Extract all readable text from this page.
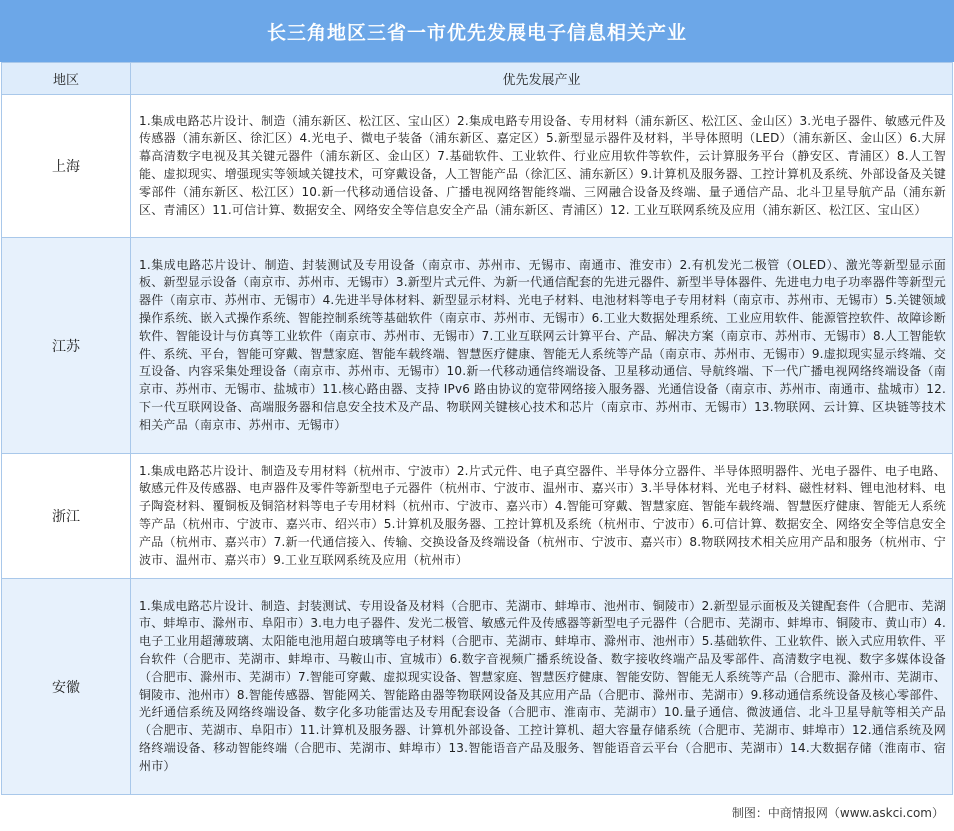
长三角地区三省一市优先发展电子信息相关产业
地区	优先发展产业
上海	1.集成电路芯片设计、制造（浦东新区、松江区、宝山区）2.集成电路专用设备、专用材料（浦东新区、松江区、金山区）3.光电子器件、敏感元件及传感器（浦东新区、徐汇区）4.光电子、微电子装备（浦东新区、嘉定区）5.新型显示器件及材料，半导体照明（LED）（浦东新区、金山区）6.大屏幕高清数字电视及其关键元器件（浦东新区、金山区）7.基础软件、工业软件、行业应用软件等软件，云计算服务平台（静安区、青浦区）8.人工智能、虚拟现实、增强现实等领域关键技术，可穿戴设备，人工智能产品（徐汇区、浦东新区）9.计算机及服务器、工控计算机及系统、外部设备及关键零部件（浦东新区、松江区）10.新一代移动通信设备、广播电视网络智能终端、三网融合设备及终端、量子通信产品、北斗卫星导航产品（浦东新区、青浦区）11.可信计算、数据安全、网络安全等信息安全产品（浦东新区、青浦区）12. 工业互联网系统及应用（浦东新区、松江区、宝山区）
江苏	1.集成电路芯片设计、制造、封装测试及专用设备（南京市、苏州市、无锡市、南通市、淮安市）2.有机发光二极管（OLED）、激光等新型显示面板、新型显示设备（南京市、苏州市、无锡市）3.新型片式元件、为新一代通信配套的先进元器件、新型半导体器件、先进电力电子功率器件等新型元器件（南京市、苏州市、无锡市）4.先进半导体材料、新型显示材料、光电子材料、电池材料等电子专用材料（南京市、苏州市、无锡市）5.关键领域操作系统、嵌入式操作系统、智能控制系统等基础软件（南京市、苏州市、无锡市）6.工业大数据处理系统、工业应用软件、能源管控软件、故障诊断软件、智能设计与仿真等工业软件（南京市、苏州市、无锡市）7.工业互联网云计算平台、产品、解决方案（南京市、苏州市、无锡市）8.人工智能软件、系统、平台，智能可穿戴、智慧家庭、智能车载终端、智慧医疗健康、智能无人系统等产品（南京市、苏州市、无锡市）9.虚拟现实显示终端、交互设备、内容采集处理设备（南京市、苏州市、无锡市）10.新一代移动通信终端设备、卫星移动通信、导航终端、下一代广播电视网络终端设备（南京市、苏州市、无锡市、盐城市）11.核心路由器、支持 IPv6 路由协议的宽带网络接入服务器、光通信设备（南京市、苏州市、南通市、盐城市）12.下一代互联网设备、高端服务器和信息安全技术及产品、物联网关键核心技术和芯片（南京市、苏州市、无锡市）13.物联网、云计算、区块链等技术相关产品（南京市、苏州市、无锡市）
浙江	1.集成电路芯片设计、制造及专用材料（杭州市、宁波市）2.片式元件、电子真空器件、半导体分立器件、半导体照明器件、光电子器件、电子电路、敏感元件及传感器、电声器件及零件等新型电子元器件（杭州市、宁波市、温州市、嘉兴市）3.半导体材料、光电子材料、磁性材料、锂电池材料、电子陶瓷材料、覆铜板及铜箔材料等电子专用材料（杭州市、宁波市、嘉兴市）4.智能可穿戴、智慧家庭、智能车载终端、智慧医疗健康、智能无人系统等产品（杭州市、宁波市、嘉兴市、绍兴市）5.计算机及服务器、工控计算机及系统（杭州市、宁波市）6.可信计算、数据安全、网络安全等信息安全产品（杭州市、嘉兴市）7.新一代通信接入、传输、交换设备及终端设备（杭州市、宁波市、嘉兴市）8.物联网技术相关应用产品和服务（杭州市、宁波市、温州市、嘉兴市）9.工业互联网系统及应用（杭州市）
安徽	1.集成电路芯片设计、制造、封装测试、专用设备及材料（合肥市、芜湖市、蚌埠市、池州市、铜陵市）2.新型显示面板及关键配套件（合肥市、芜湖市、蚌埠市、滁州市、阜阳市）3.电力电子器件、发光二极管、敏感元件及传感器等新型电子元器件（合肥市、芜湖市、蚌埠市、铜陵市、黄山市）4.电子工业用超薄玻璃、太阳能电池用超白玻璃等电子材料（合肥市、芜湖市、蚌埠市、滁州市、池州市）5.基础软件、工业软件、嵌入式应用软件、平台软件（合肥市、芜湖市、蚌埠市、马鞍山市、宣城市）6.数字音视频广播系统设备、数字接收终端产品及零部件、高清数字电视、数字多媒体设备（合肥市、滁州市、芜湖市）7.智能可穿戴、虚拟现实设备、智慧家庭、智慧医疗健康、智能安防、智能无人系统等产品（合肥市、滁州市、芜湖市、铜陵市、池州市）8.智能传感器、智能网关、智能路由器等物联网设备及其应用产品（合肥市、滁州市、芜湖市）9.移动通信系统设备及核心零部件、光纤通信系统及网络终端设备、数字化多功能雷达及专用配套设备（合肥市、淮南市、芜湖市）10.量子通信、微波通信、北斗卫星导航等相关产品（合肥市、芜湖市、阜阳市）11.计算机及服务器、计算机外部设备、工控计算机、超大容量存储系统（合肥市、芜湖市、蚌埠市）12.通信系统及网络终端设备、移动智能终端（合肥市、芜湖市、蚌埠市）13.智能语音产品及服务、智能语音云平台（合肥市、芜湖市）14.大数据存储（淮南市、宿州市）
制图：中商情报网（www.askci.com）
